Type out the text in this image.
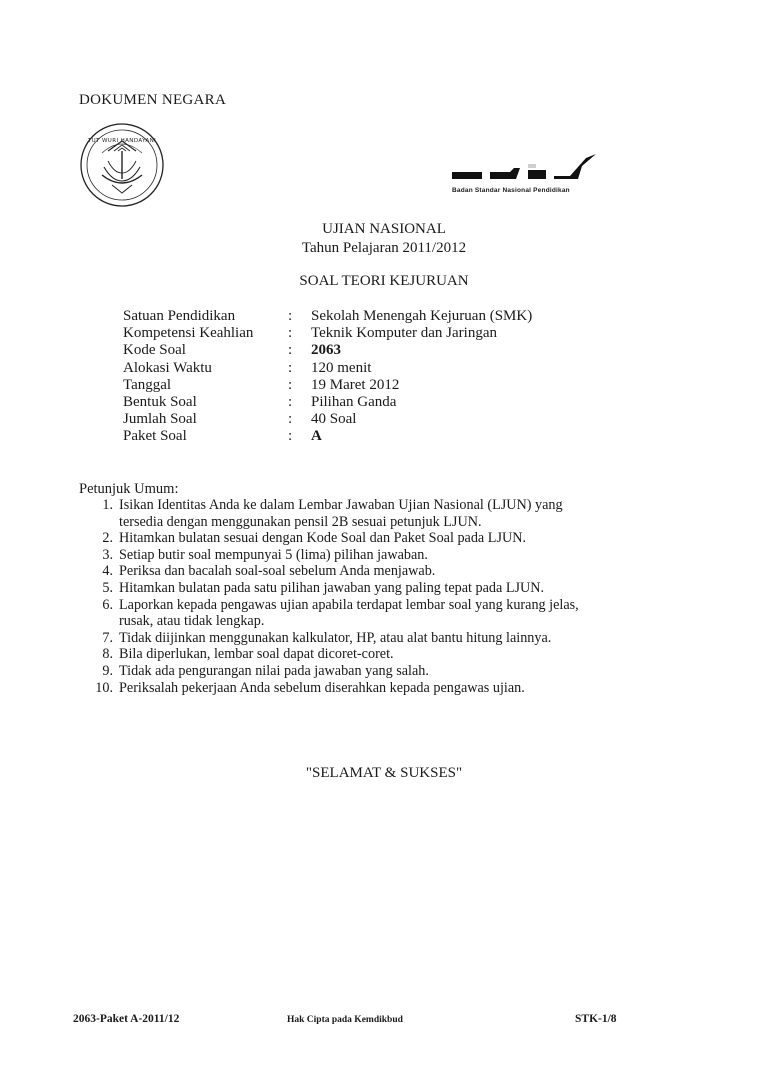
DOKUMEN NEGARA
TUT WURI HANDAYANI
Badan Standar Nasional Pendidikan
UJIAN NASIONAL
Tahun Pelajaran 2011/2012
SOAL TEORI KEJURUAN
Satuan Pendidikan	: Sekolah Menengah Kejuruan (SMK)
Kompetensi Keahlian : Teknik Komputer dan Jaringan
Kode Soal	: 2063
Alokasi Waktu	: 120 menit
Tanggal	: 19 Maret 2012
Bentuk Soal	: Pilihan Ganda
Jumlah Soal	: 40 Soal
Paket Soal	: A
Petunjuk Umum:
1. Isikan Identitas Anda ke dalam Lembar Jawaban Ujian Nasional (LJUN) yang
tersedia dengan menggunakan pensil 2B sesuai petunjuk LJUN.
2. Hitamkan bulatan sesuai dengan Kode Soal dan Paket Soal pada LJUN.
3. Setiap butir soal mempunyai 5 (lima) pilihan jawaban.
4. Periksa dan bacalah soal-soal sebelum Anda menjawab.
5. Hitamkan bulatan pada satu pilihan jawaban yang paling tepat pada LJUN.
6. Laporkan kepada pengawas ujian apabila terdapat lembar soal yang kurang jelas,
rusak, atau tidak lengkap.
7. Tidak diijinkan menggunakan kalkulator, HP, atau alat bantu hitung lainnya.
8. Bila diperlukan, lembar soal dapat dicoret-coret.
9. Tidak ada pengurangan nilai pada jawaban yang salah.
10. Periksalah pekerjaan Anda sebelum diserahkan kepada pengawas ujian.
"SELAMAT & SUKSES"
2063-Paket A-2011/12	Hak Cipta pada Kemdikbud	STK-1/8
